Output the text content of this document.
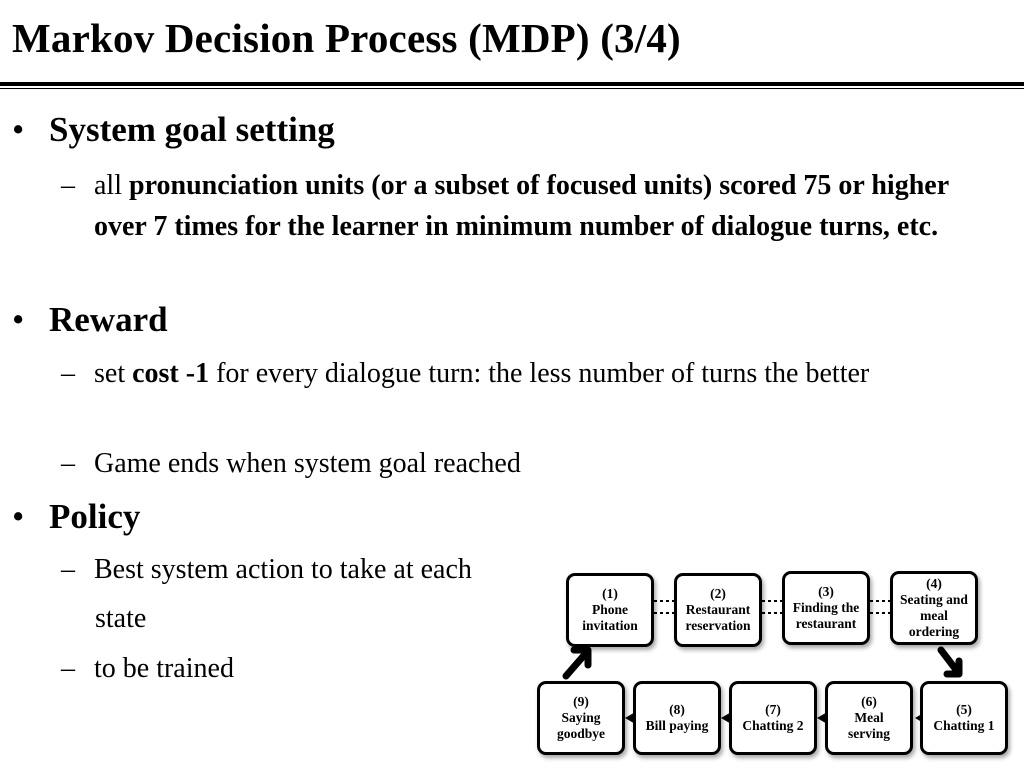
Markov Decision Process (MDP) (3/4)
• System goal setting
– all pronunciation units (or a subset of focused units) scored 75 or higher over 7 times for the learner in minimum number of dialogue turns, etc.
• Reward
– set cost -1 for every dialogue turn: the less number of turns the better
– Game ends when system goal reached
• Policy
– Best system action to take at each
state
– to be trained
(1)
Phone
invitation
(2)
Restaurant
reservation
(3)
Finding the
restaurant
(4)
Seating and
meal
ordering
(5)
Chatting 1
(6)
Meal
serving
(7)
Chatting 2
(8)
Bill paying
(9)
Saying
goodbye
